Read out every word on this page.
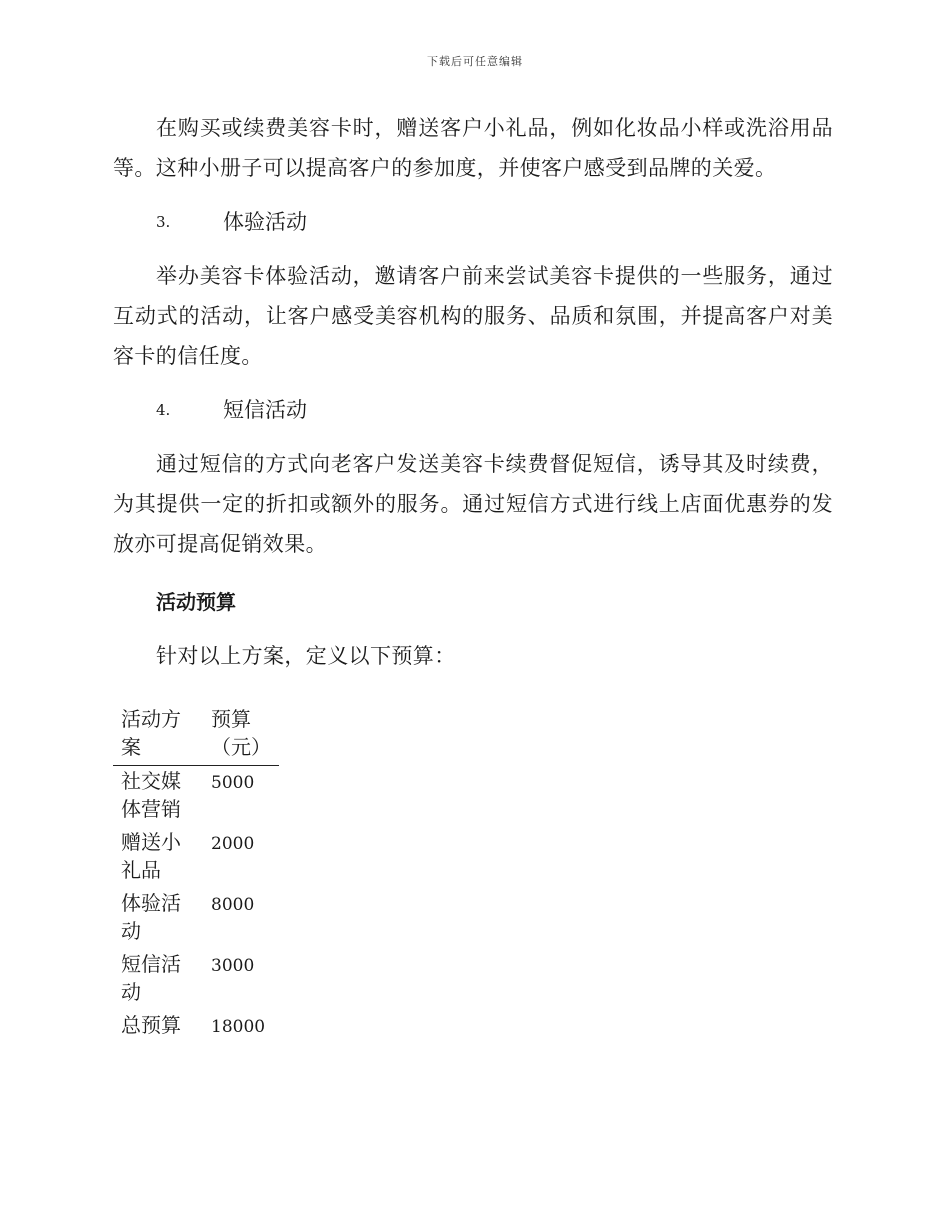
下载后可任意编辑

在购买或续费美容卡时，赠送客户小礼品，例如化妆品小样或洗浴用品等。这种小册子可以提高客户的参加度，并使客户感受到品牌的关爱。

3.	体验活动

举办美容卡体验活动，邀请客户前来尝试美容卡提供的一些服务，通过互动式的活动，让客户感受美容机构的服务、品质和氛围，并提高客户对美容卡的信任度。

4.	短信活动

通过短信的方式向老客户发送美容卡续费督促短信，诱导其及时续费，为其提供一定的折扣或额外的服务。通过短信方式进行线上店面优惠券的发放亦可提高促销效果。

活动预算

针对以上方案，定义以下预算：

活动方案	预算（元）
社交媒体营销	5000
赠送小礼品	2000
体验活动	8000
短信活动	3000
总预算	18000
